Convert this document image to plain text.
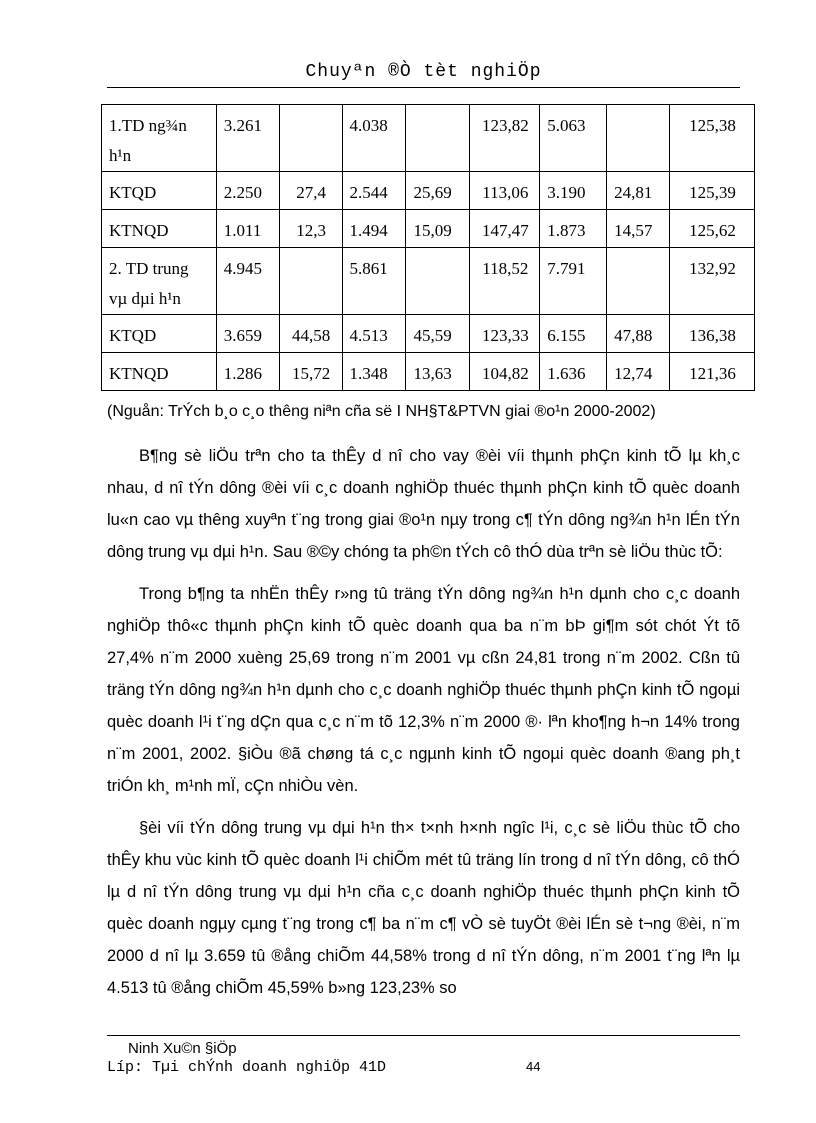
Chuyªn ®Ò tèt nghiÖp
1.TD ng¾n h¹n	3.261		4.038		123,82	5.063		125,38
KTQD	2.250	27,4	2.544	25,69	113,06	3.190	24,81	125,39
KTNQD	1.011	12,3	1.494	15,09	147,47	1.873	14,57	125,62
2. TD trung vµ dµi h¹n	4.945		5.861		118,52	7.791		132,92
KTQD	3.659	44,58	4.513	45,59	123,33	6.155	47,88	136,38
KTNQD	1.286	15,72	1.348	13,63	104,82	1.636	12,74	121,36
(Nguån: TrÝch b¸o c¸o thêng niªn cña së I NH§T&PTVN giai ®o¹n 2000-2002)

B¶ng sè liÖu trªn cho ta thÊy d nî cho vay ®èi víi thµnh phÇn kinh tÕ lµ kh¸c nhau, d nî tÝn dông ®èi víi c¸c doanh nghiÖp thuéc thµnh phÇn kinh tÕ quèc doanh lu«n cao vµ thêng xuyªn t¨ng trong giai ®o¹n nµy trong c¶ tÝn dông ng¾n h¹n lÉn tÝn dông trung vµ dµi h¹n. Sau ®©y chóng ta ph©n tÝch cô thÓ dùa trªn sè liÖu thùc tÕ:

Trong b¶ng ta nhËn thÊy r»ng tû träng tÝn dông ng¾n h¹n dµnh cho c¸c doanh nghiÖp thô«c thµnh phÇn kinh tÕ quèc doanh qua ba n¨m bÞ gi¶m sót chót Ýt tõ 27,4% n¨m 2000 xuèng 25,69 trong n¨m 2001 vµ cßn 24,81 trong n¨m 2002. Cßn tû träng tÝn dông ng¾n h¹n dµnh cho c¸c doanh nghiÖp thuéc thµnh phÇn kinh tÕ ngoµi quèc doanh l¹i t¨ng dÇn qua c¸c n¨m tõ 12,3% n¨m 2000 ®· lªn kho¶ng h¬n 14% trong n¨m 2001, 2002. §iÒu ®ã chøng tá c¸c ngµnh kinh tÕ ngoµi quèc doanh ®ang ph¸t triÓn kh¸ m¹nh mÏ, cÇn nhiÒu vèn.

§èi víi tÝn dông trung vµ dµi h¹n th× t×nh h×nh ngîc l¹i, c¸c sè liÖu thùc tÕ cho thÊy khu vùc kinh tÕ quèc doanh l¹i chiÕm mét tû träng lín trong d nî tÝn dông, cô thÓ lµ d nî tÝn dông trung vµ dµi h¹n cña c¸c doanh nghiÖp thuéc thµnh phÇn kinh tÕ quèc doanh ngµy cµng t¨ng trong c¶ ba n¨m c¶ vÒ sè tuyÖt ®èi lÉn sè t¬ng ®èi, n¨m 2000 d nî lµ 3.659 tû ®ång chiÕm 44,58% trong d nî tÝn dông, n¨m 2001 t¨ng lªn lµ 4.513 tû ®ång chiÕm 45,59% b»ng 123,23% so

Ninh Xu©n §iÖp
Líp: Tµi chÝnh doanh nghiÖp 41D	44
